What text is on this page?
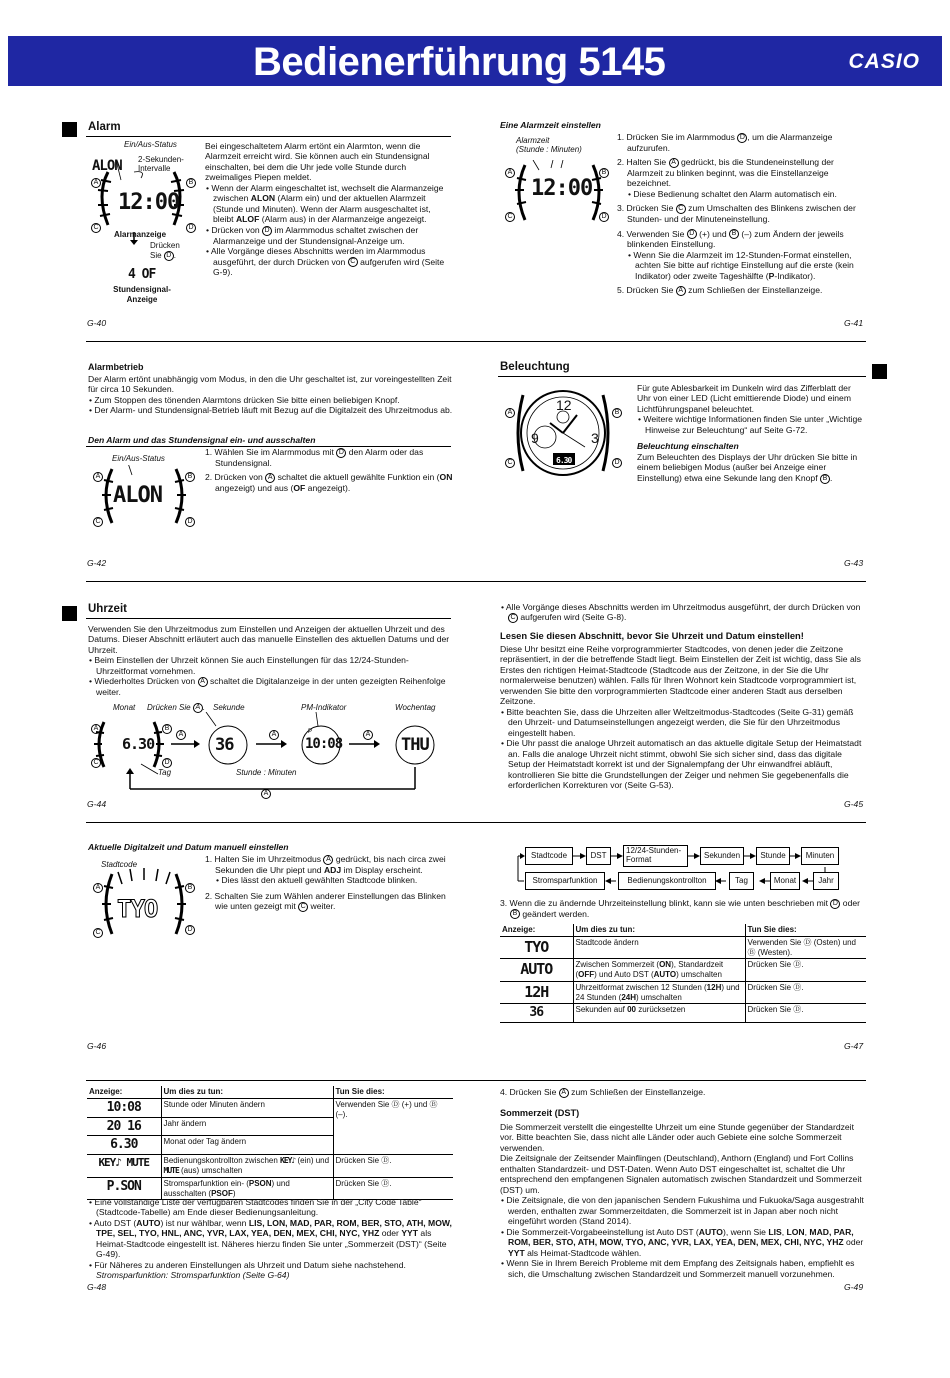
Bedienerführung 5145	CASIO
Alarm
Ein/Aus-Status
2-Sekunden-
Intervalle
ALON
12:00
A	B
C	D
Alarmanzeige
Drücken
Sie D .
4 OF
Stundensignal-
Anzeige

Bei eingeschaltetem Alarm ertönt ein Alarmton, wenn die Alarmzeit erreicht wird. Sie können auch ein Stundensignal einschalten, bei dem die Uhr jede volle Stunde durch zweimaliges Piepen meldet.

• Wenn der Alarm eingeschaltet ist, wechselt die Alarmanzeige zwischen ALON (Alarm ein) und der aktuellen Alarmzeit (Stunde und Minuten). Wenn der Alarm ausgeschaltet ist, bleibt ALOF (Alarm aus) in der Alarmanzeige angezeigt.

• Drücken von D im Alarmmodus schaltet zwischen der Alarmanzeige und der Stundensignal-Anzeige um.

• Alle Vorgänge dieses Abschnitts werden im Alarmmodus ausgeführt, der durch Drücken von C aufgerufen wird (Seite G-9).

G-40
Eine Alarmzeit einstellen
Alarmzeit
(Stunde : Minuten)
12:00
A	B
C	D

1. Drücken Sie im Alarmmodus D , um die Alarmanzeige aufzurufen.

2. Halten Sie A gedrückt, bis die Stundeneinstellung der Alarmzeit zu blinken beginnt, was die Einstellanzeige bezeichnet.

• Diese Bedienung schaltet den Alarm automatisch ein.

3. Drücken Sie C zum Umschalten des Blinkens zwischen der Stunden- und der Minuteneinstellung.

4. Verwenden Sie D (+) und B (–) zum Ändern der jeweils blinkenden Einstellung.

• Wenn Sie die Alarmzeit im 12-Stunden-Format einstellen, achten Sie bitte auf richtige Einstellung auf die erste (kein Indikator) oder zweite Tageshälfte (P-Indikator).

5. Drücken Sie A zum Schließen der Einstellanzeige.

G-41
Alarmbetrieb

Der Alarm ertönt unabhängig vom Modus, in den die Uhr geschaltet ist, zur voreingestellten Zeit für circa 10 Sekunden.

• Zum Stoppen des tönenden Alarmtons drücken Sie bitte einen beliebigen Knopf.

• Der Alarm- und Stundensignal-Betrieb läuft mit Bezug auf die Digitalzeit des Uhrzeitmodus ab.

Den Alarm und das Stundensignal ein- und ausschalten
Ein/Aus-Status
ALON
A	B
C	D

1. Wählen Sie im Alarmmodus mit D den Alarm oder das Stundensignal.

2. Drücken von A schaltet die aktuell gewählte Funktion ein (ON angezeigt) und aus (OF angezeigt).

G-42
Beleuchtung
12
9	3
6.30
A	B
C	D

Für gute Ablesbarkeit im Dunkeln wird das Zifferblatt der Uhr von einer LED (Licht emittierende Diode) und einem Lichtführungspanel beleuchtet.

• Weitere wichtige Informationen finden Sie unter „Wichtige Hinweise zur Beleuchtung“ auf Seite G-72.

Beleuchtung einschalten

Zum Beleuchten des Displays der Uhr drücken Sie bitte in einem beliebigen Modus (außer bei Anzeige einer Einstellung) etwa eine Sekunde lang den Knopf B .

G-43
Uhrzeit

Verwenden Sie den Uhrzeitmodus zum Einstellen und Anzeigen der aktuellen Uhrzeit und des Datums. Dieser Abschnitt erläutert auch das manuelle Einstellen des aktuellen Datums und der Uhrzeit.

• Beim Einstellen der Uhrzeit können Sie auch Einstellungen für das 12/24-Stunden-Uhrzeitformat vornehmen.

• Wiederholtes Drücken von A schaltet die Digitalanzeige in der unten gezeigten Reihenfolge weiter.

Monat Drücken Sie A . Sekunde	PM-Indikator	Wochentag
6.30	36
P
10:08	THU
A	B
C	D
A	A	A
A
Tag	Stunde : Minuten
G-44

• Alle Vorgänge dieses Abschnitts werden im Uhrzeitmodus ausgeführt, der durch Drücken von C aufgerufen wird (Seite G-8).

Lesen Sie diesen Abschnitt, bevor Sie Uhrzeit und Datum einstellen!

Diese Uhr besitzt eine Reihe vorprogrammierter Stadtcodes, von denen jeder die Zeitzone repräsentiert, in der die betreffende Stadt liegt. Beim Einstellen der Zeit ist wichtig, dass Sie als Erstes den richtigen Heimat-Stadtcode (Stadtcode aus der Zeitzone, in der Sie die Uhr normalerweise benutzen) wählen. Falls für Ihren Wohnort kein Stadtcode vorprogrammiert ist, verwenden Sie bitte den vorprogrammierten Stadtcode einer anderen Stadt aus derselben Zeitzone.

• Bitte beachten Sie, dass die Uhrzeiten aller Weltzeitmodus-Stadtcodes (Seite G-31) gemäß den Uhrzeit- und Datumseinstellungen angezeigt werden, die Sie für den Uhrzeitmodus eingestellt haben.

• Die Uhr passt die analoge Uhrzeit automatisch an das aktuelle digitale Setup der Heimatstadt an. Falls die analoge Uhrzeit nicht stimmt, obwohl Sie sich sicher sind, dass das digitale Setup der Heimatstadt korrekt ist und der Signalempfang der Uhr einwandfrei abläuft, kontrollieren Sie bitte die Grundstellungen der Zeiger und nehmen Sie gegebenenfalls die erforderlichen Korrekturen vor (Seite G-53).

G-45
Aktuelle Digitalzeit und Datum manuell einstellen
Stadtcode
TYO
A	B
C	D

1. Halten Sie im Uhrzeitmodus A gedrückt, bis nach circa zwei Sekunden die Uhr piept und ADJ im Display erscheint.

• Dies lässt den aktuell gewählten Stadtcode blinken.

2. Schalten Sie zum Wählen anderer Einstellungen das Blinken wie unten gezeigt mit C weiter.

G-46
Stadtcode	DST	12/24-Stunden-Format	Sekunden	Stunde	Minuten
Jahr
Monat
Tag
Bedienungskontrollton
Stromsparfunktion

3. Wenn die zu ändernde Uhrzeiteinstellung blinkt, kann sie wie unten beschrieben mit D oder B geändert werden.

Anzeige:	Um dies zu tun:	Tun Sie dies:
TYO	Stadtcode ändern	Verwenden Sie Ⓓ (Osten) und Ⓑ (Westen).
AUTO	Zwischen Sommerzeit (ON), Standardzeit (OFF) und Auto DST (AUTO) umschalten	Drücken Sie Ⓓ.
12H	Uhrzeitformat zwischen 12 Stunden (12H) und 24 Stunden (24H) umschalten	Drücken Sie Ⓓ.
36	Sekunden auf 00 zurücksetzen	Drücken Sie Ⓓ.
G-47
Anzeige:	Um dies zu tun:	Tun Sie dies:
10:08	Stunde oder Minuten ändern	Verwenden Sie Ⓓ (+) und Ⓑ (–).
20 16	Jahr ändern	
6.30	Monat oder Tag ändern	
KEY♪ MUTE	Bedienungskontrollton zwischen KEY♪ (ein) und MUTE (aus) umschalten	Drücken Sie Ⓓ.
P.SON	Stromsparfunktion ein- (PSON) und ausschalten (PSOF)	Drücken Sie Ⓓ.

• Eine vollständige Liste der verfügbaren Stadtcodes finden Sie in der „City Code Table“ (Stadtcode-Tabelle) am Ende dieser Bedienungsanleitung.

• Auto DST (AUTO) ist nur wählbar, wenn LIS, LON, MAD, PAR, ROM, BER, STO, ATH, MOW, TPE, SEL, TYO, HNL, ANC, YVR, LAX, YEA, DEN, MEX, CHI, NYC, YHZ oder YYT als Heimat-Stadtcode eingestellt ist. Näheres hierzu finden Sie unter „Sommerzeit (DST)“ (Seite G-49).

• Für Näheres zu anderen Einstellungen als Uhrzeit und Datum siehe nachstehend.
Stromsparfunktion: Stromsparfunktion (Seite G-64)

G-48

4. Drücken Sie A zum Schließen der Einstellanzeige.

Sommerzeit (DST)

Die Sommerzeit verstellt die eingestellte Uhrzeit um eine Stunde gegenüber der Standardzeit vor. Bitte beachten Sie, dass nicht alle Länder oder auch Gebiete eine solche Sommerzeit verwenden.

Die Zeitsignale der Zeitsender Mainflingen (Deutschland), Anthorn (England) und Fort Collins enthalten Standardzeit- und DST-Daten. Wenn Auto DST eingeschaltet ist, schaltet die Uhr entsprechend den empfangenen Signalen automatisch zwischen Standardzeit und Sommerzeit (DST) um.

• Die Zeitsignale, die von den japanischen Sendern Fukushima und Fukuoka/Saga ausgestrahlt werden, enthalten zwar Sommerzeitdaten, die Sommerzeit ist in Japan aber noch nicht eingeführt worden (Stand 2014).

• Die Sommerzeit-Vorgabeeinstellung ist Auto DST (AUTO), wenn Sie LIS, LON, MAD, PAR, ROM, BER, STO, ATH, MOW, TYO, ANC, YVR, LAX, YEA, DEN, MEX, CHI, NYC, YHZ oder YYT als Heimat-Stadtcode wählen.

• Wenn Sie in Ihrem Bereich Probleme mit dem Empfang des Zeitsignals haben, empfiehlt es sich, die Umschaltung zwischen Standardzeit und Sommerzeit manuell vorzunehmen.

G-49
